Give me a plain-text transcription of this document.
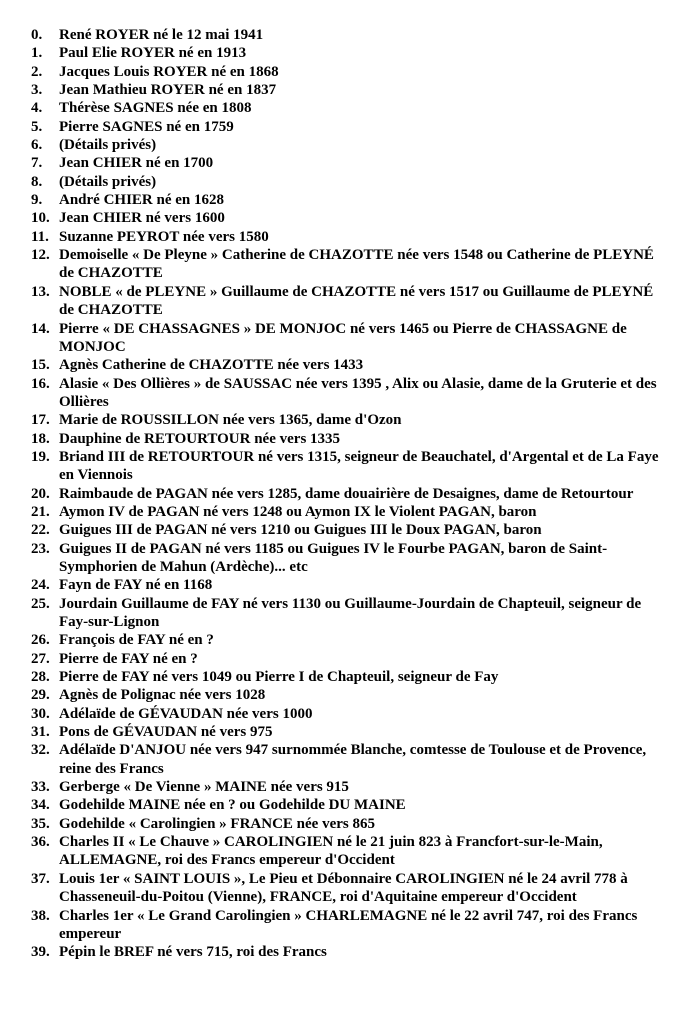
0.	René ROYER né le 12 mai 1941
1.	Paul Elie ROYER né en 1913
2.	Jacques Louis ROYER né en 1868
3.	Jean Mathieu ROYER né en 1837
4.	Thérèse SAGNES née en 1808
5.	Pierre SAGNES né en 1759
6.	(Détails privés)
7.	Jean CHIER né en 1700
8.	(Détails privés)
9.	André CHIER né en 1628
10. Jean CHIER né vers 1600
11. Suzanne PEYROT née vers 1580
12. Demoiselle « De Pleyne » Catherine de CHAZOTTE née vers 1548 ou Catherine de PLEYNÉ de CHAZOTTE
13. NOBLE « de PLEYNE » Guillaume de CHAZOTTE né vers 1517 ou Guillaume de PLEYNÉ de CHAZOTTE
14. Pierre « DE CHASSAGNES » DE MONJOC né vers 1465 ou Pierre de CHASSAGNE de MONJOC
15. Agnès Catherine de CHAZOTTE née vers 1433
16. Alasie « Des Ollières » de SAUSSAC née vers 1395 , Alix ou Alasie, dame de la Gruterie et des Ollières
17. Marie de ROUSSILLON née vers 1365, dame d'Ozon
18. Dauphine de RETOURTOUR née vers 1335
19. Briand III de RETOURTOUR né vers 1315, seigneur de Beauchatel, d'Argental et de La Faye en Viennois
20. Raimbaude de PAGAN née vers 1285, dame douairière de Desaignes, dame de Retourtour
21. Aymon IV de PAGAN né vers 1248 ou Aymon IX le Violent PAGAN, baron
22. Guigues III de PAGAN né vers 1210 ou Guigues III le Doux PAGAN, baron
23. Guigues II de PAGAN né vers 1185 ou Guigues IV le Fourbe PAGAN, baron de Saint-Symphorien de Mahun (Ardèche)... etc
24. Fayn de FAY né en 1168
25. Jourdain Guillaume de FAY né vers 1130 ou Guillaume-Jourdain de Chapteuil, seigneur de Fay-sur-Lignon
26. François de FAY né en ?
27. Pierre de FAY né en ?
28. Pierre de FAY né vers 1049 ou Pierre I de Chapteuil, seigneur de Fay
29. Agnès de Polignac née vers 1028
30. Adélaïde de GÉVAUDAN née vers 1000
31. Pons de GÉVAUDAN né vers 975
32. Adélaïde D'ANJOU née vers 947 surnommée Blanche, comtesse de Toulouse et de Provence, reine des Francs
33. Gerberge « De Vienne » MAINE née vers 915
34. Godehilde MAINE née en ? ou Godehilde DU MAINE
35. Godehilde « Carolingien » FRANCE née vers 865
36. Charles II « Le Chauve » CAROLINGIEN né le 21 juin 823 à Francfort-sur-le-Main, ALLEMAGNE, roi des Francs empereur d'Occident
37. Louis 1er « SAINT LOUIS », Le Pieu et Débonnaire CAROLINGIEN né le 24 avril 778 à Chasseneuil-du-Poitou (Vienne), FRANCE, roi d'Aquitaine empereur d'Occident
38. Charles 1er « Le Grand Carolingien » CHARLEMAGNE né le 22 avril 747, roi des Francs empereur
39. Pépin le BREF né vers 715, roi des Francs
